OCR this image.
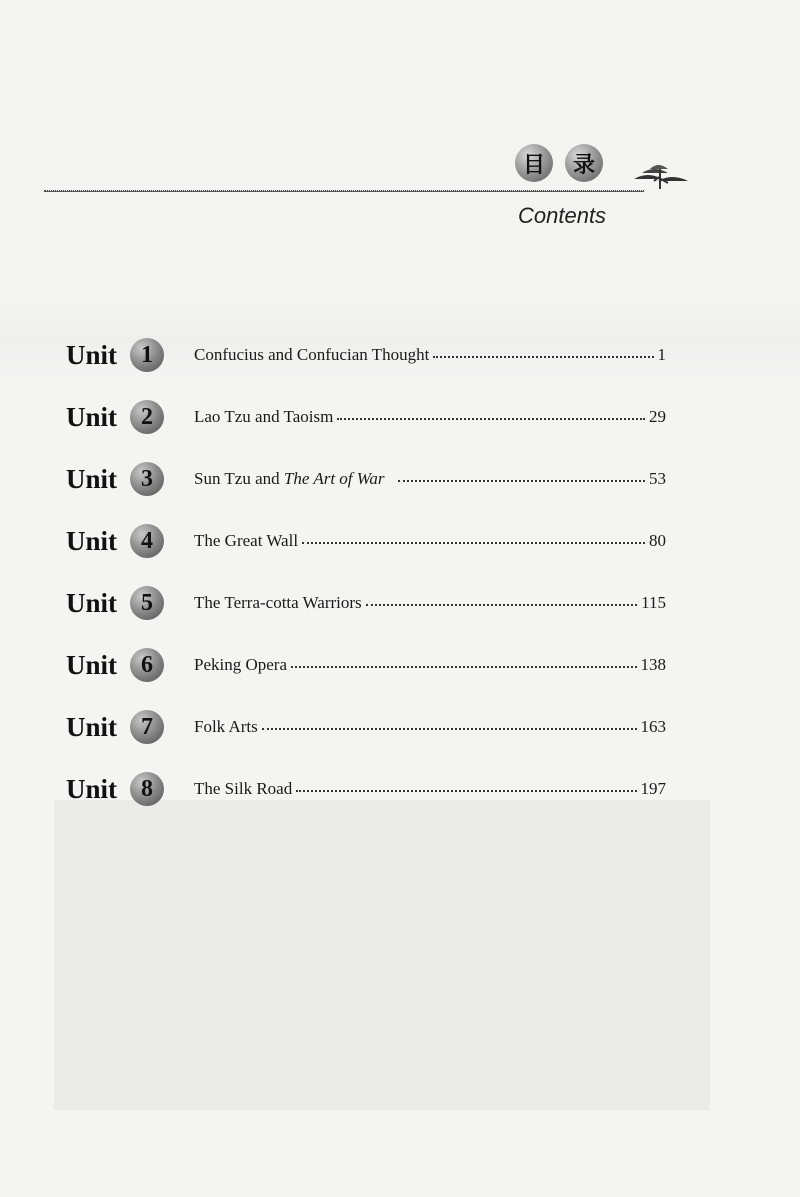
目	录
Contents
Unit 1	Confucius and Confucian Thought	1
Unit 2	Lao Tzu and Taoism	29
Unit 3	Sun Tzu and The Art of War	53
Unit 4	The Great Wall	80
Unit 5	The Terra-cotta Warriors	115
Unit 6	Peking Opera	138
Unit 7	Folk Arts	163
Unit 8	The Silk Road	197
